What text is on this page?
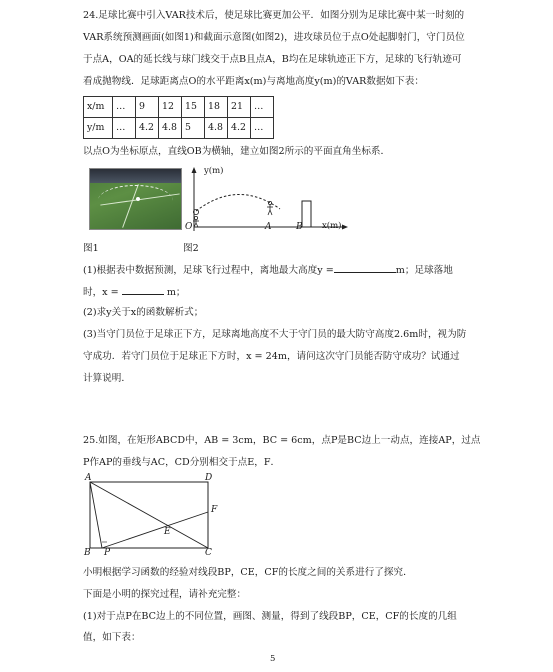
24.足球比赛中引入VAR技术后，使足球比赛更加公平．如图分别为足球比赛中某一时刻的
VAR系统预测画面(如图1)和截面示意图(如图2)，进攻球员位于点O处起脚射门，守门员位
于点A，OA的延长线与球门线交于点B且点A，B均在足球轨迹正下方，足球的飞行轨迹可
看成抛物线．足球距离点O的水平距离x(m)与离地高度y(m)的VAR数据如下表：
x/m	…	9	12	15	18	21	…
y/m	…	4.2	4.8	5	4.8	4.2	…
以点O为坐标原点，直线OB为横轴，建立如图2所示的平面直角坐标系．
y(m)
x(m)
O	A	B
图1	图2
(1)根据表中数据预测，足球飞行过程中，离地最大高度y =	m；足球落地
时，x =	m；
(2)求y关于x的函数解析式；
(3)当守门员位于足球正下方，足球离地高度不大于守门员的最大防守高度2.6m时，视为防
守成功．若守门员位于足球正下方时，x = 24m，请问这次守门员能否防守成功？试通过
计算说明．
25.如图，在矩形ABCD中，AB = 3cm，BC = 6cm，点P是BC边上一动点，连接AP，过点
P作AP的垂线与AC，CD分别相交于点E，F．
A	D
F
E
B P	C
小明根据学习函数的经验对线段BP，CE，CF的长度之间的关系进行了探究．
下面是小明的探究过程，请补充完整：
(1)对于点P在BC边上的不同位置，画图、测量，得到了线段BP，CE，CF的长度的几组
值，如下表：
5
